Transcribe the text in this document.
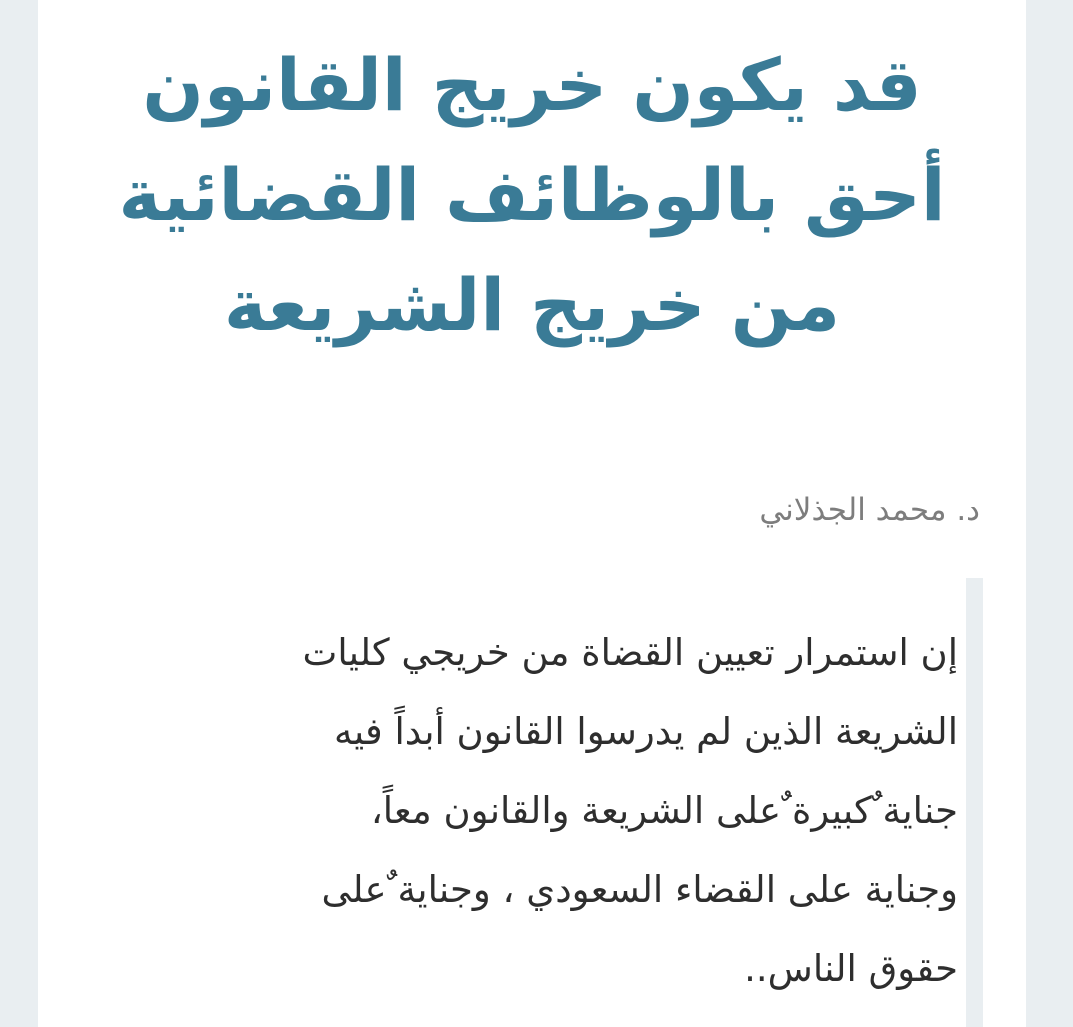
قد يكون خريج القانون
أحق بالوظائف القضائية
من خريج الشريعة
د. محمد الجذلاني
إن استمرار تعيين القضاة من خريجي كليات
الشريعة الذين لم يدرسوا القانون أبداً فيه
جناية ٌكبيرة ٌعلى الشريعة والقانون معاً،
وجناية على القضاء السعودي ، وجناية ٌعلى
حقوق الناس..
